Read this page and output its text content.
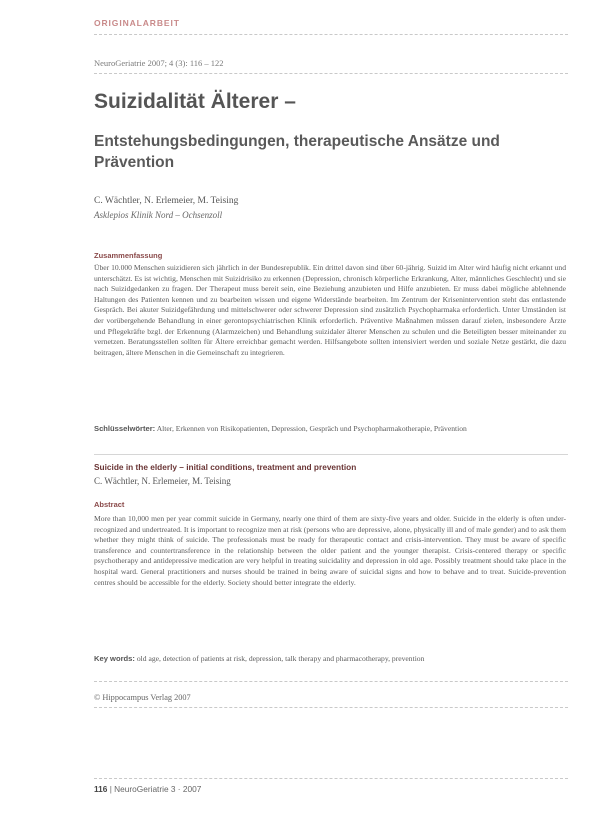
ORIGINALARBEIT
NeuroGeriatrie 2007; 4 (3): 116 – 122
Suizidalität Älterer –
Entstehungsbedingungen, therapeutische Ansätze und Prävention
C. Wächtler, N. Erlemeier, M. Teising
Asklepios Klinik Nord – Ochsenzoll
Zusammenfassung
Über 10.000 Menschen suizidieren sich jährlich in der Bundesrepublik. Ein drittel davon sind über 60-jährig. Suizid im Alter wird häufig nicht erkannt und unterschätzt. Es ist wichtig, Menschen mit Suizidrisiko zu erkennen (Depression, chronisch körperliche Erkrankung, Alter, männliches Geschlecht) und sie nach Suizidgedanken zu fragen. Der Therapeut muss bereit sein, eine Beziehung anzubieten und Hilfe anzubieten. Er muss dabei mögliche ablehnende Haltungen des Patienten kennen und zu bearbeiten wissen und eigene Widerstände bearbeiten. Im Zentrum der Krisenintervention steht das entlastende Gespräch. Bei akuter Suizidgefährdung und mittelschwerer oder schwerer Depression sind zusätzlich Psychopharmaka erforderlich. Unter Umständen ist der vorübergehende Behandlung in einer gerontopsychiatrischen Klinik erforderlich. Präventive Maßnahmen müssen darauf zielen, insbesondere Ärzte und Pflegekräfte bzgl. der Erkennung (Alarmzeichen) und Behandlung suizidaler älterer Menschen zu schulen und die Beteiligten besser miteinander zu vernetzen. Beratungsstellen sollten für Ältere erreichbar gemacht werden. Hilfsangebote sollten intensiviert werden und soziale Netze gestärkt, die dazu beitragen, ältere Menschen in die Gemeinschaft zu integrieren.
Schlüsselwörter: Alter, Erkennen von Risikopatienten, Depression, Gespräch und Psychopharmakotherapie, Prävention
Suicide in the elderly – initial conditions, treatment and prevention
C. Wächtler, N. Erlemeier, M. Teising
Abstract
More than 10,000 men per year commit suicide in Germany, nearly one third of them are sixty-five years and older. Suicide in the elderly is often under-recognized and undertreated. It is important to recognize men at risk (persons who are depressive, alone, physically ill and of male gender) and to ask them whether they might think of suicide. The professionals must be ready for therapeutic contact and crisis-intervention. They must be aware of specific transference and countertransference in the relationship between the older patient and the younger therapist. Crisis-centered therapy or specific psychotherapy and antidepressive medication are very helpful in treating suicidality and depression in old age. Possibly treatment should take place in the hospital ward. General practitioners and nurses should be trained in being aware of suicidal signs and how to behave and to treat. Suicide-prevention centres should be accessible for the elderly. Society should better integrate the elderly.
Key words: old age, detection of patients at risk, depression, talk therapy and pharmacotherapy, prevention
© Hippocampus Verlag 2007
116 | NeuroGeriatrie 3 · 2007
